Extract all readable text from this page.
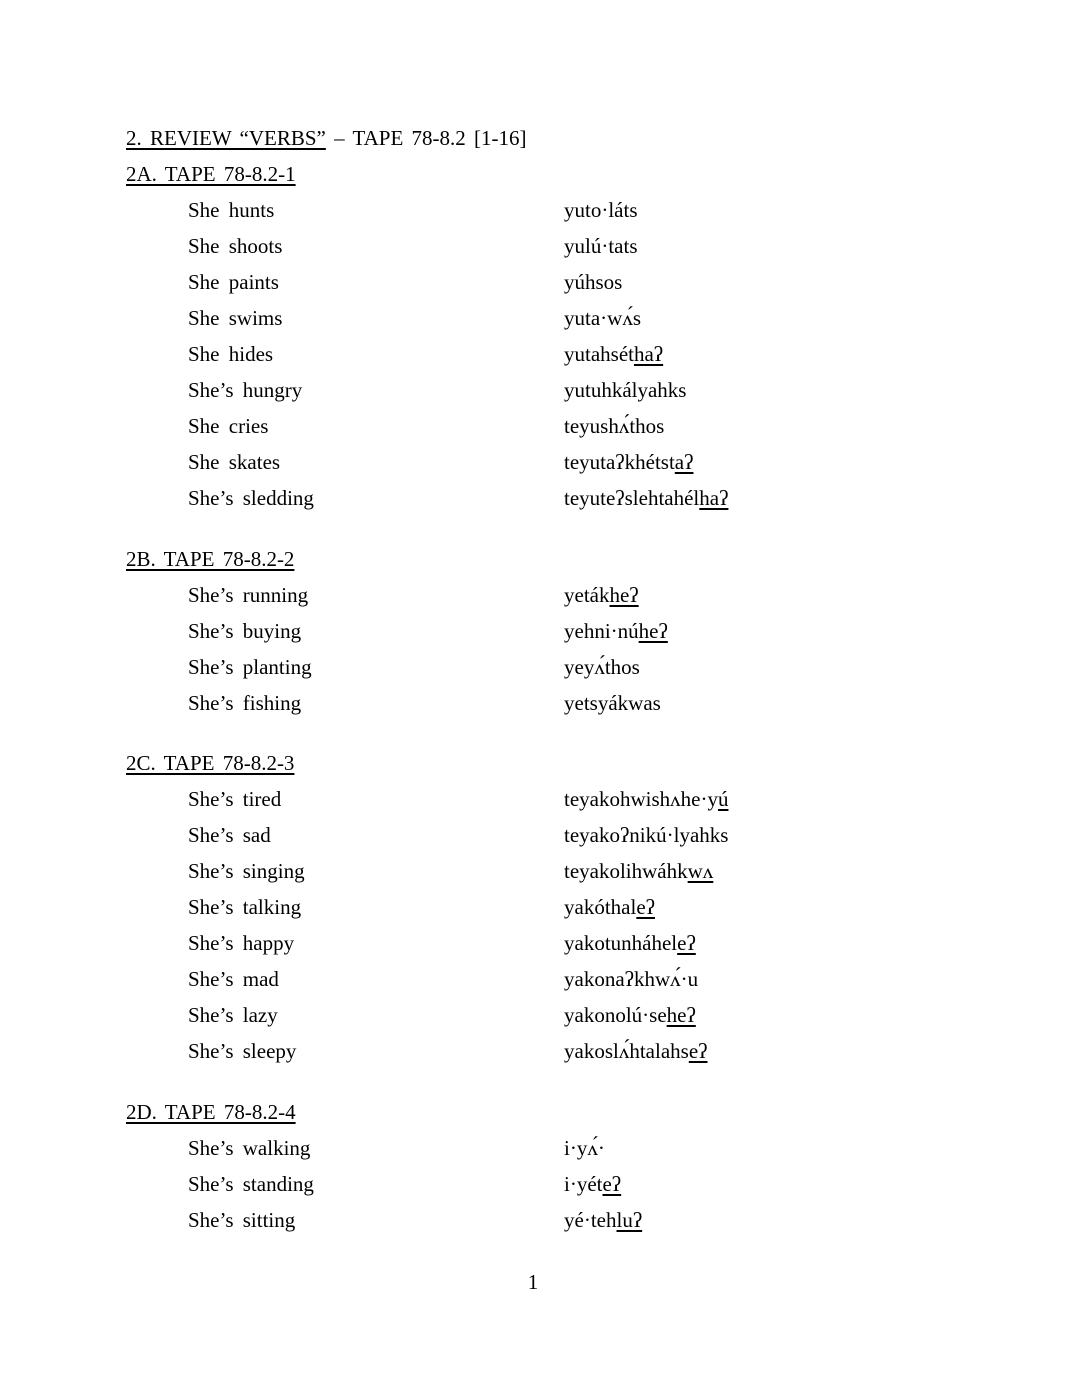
2. REVIEW “VERBS” – TAPE 78-8.2 [1-16]
2A. TAPE 78-8.2-1
She hunts	yuto·láts
She shoots	yulú·tats
She paints	yúhsos
She swims	yuta·wʌ́s
She hides	yutahséthaʔ
She’s hungry	yutuhkályahks
She cries	teyushʌ́thos
She skates	teyutaʔkhétstaʔ
She’s sledding	teyuteʔslehtahélhaʔ
2B. TAPE 78-8.2-2
She’s running	yetákheʔ
She’s buying	yehni·núheʔ
She’s planting	yeyʌ́thos
She’s fishing	yetsyákwas
2C. TAPE 78-8.2-3
She’s tired	teyakohwishʌhe·yú
She’s sad	teyakoʔnikú·lyahks
She’s singing	teyakolihwáhkwʌ
She’s talking	yakóthaleʔ
She’s happy	yakotunháheleʔ
She’s mad	yakonaʔkhwʌ́·u
She’s lazy	yakonolú·seheʔ
She’s sleepy	yakoslʌ́htalahseʔ
2D. TAPE 78-8.2-4
She’s walking	i·yʌ́·
She’s standing	i·yéteʔ
She’s sitting	yé·tehluʔ
1
